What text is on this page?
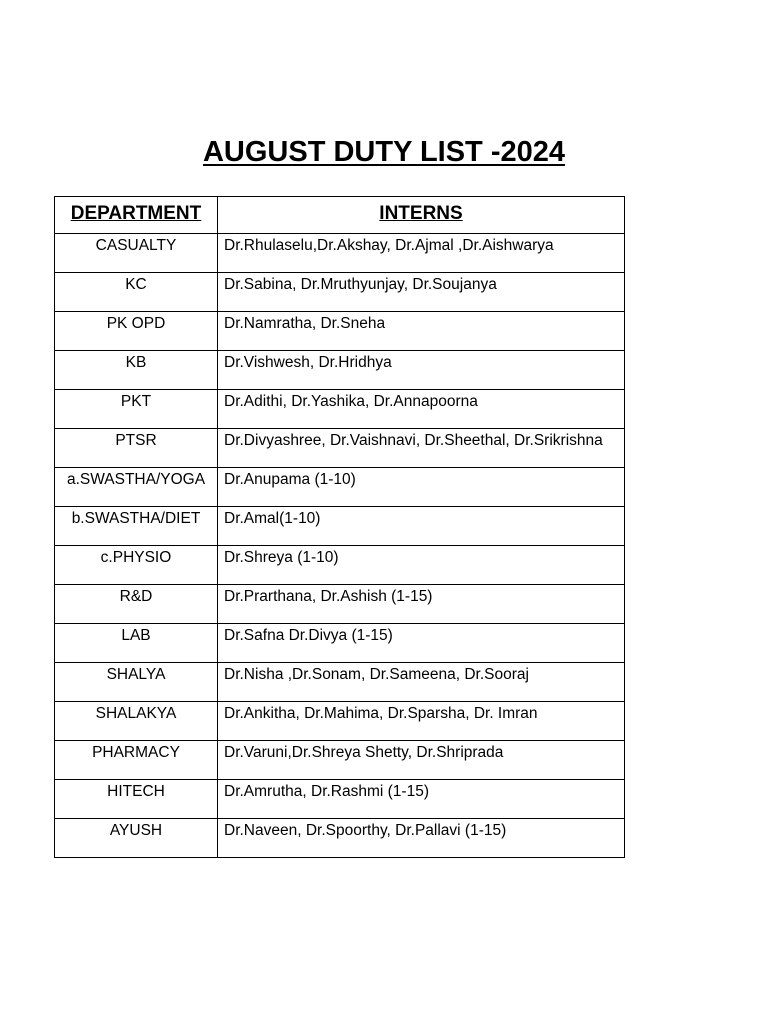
AUGUST DUTY LIST -2024
DEPARTMENT	INTERNS
CASUALTY	Dr.Rhulaselu,Dr.Akshay, Dr.Ajmal ,Dr.Aishwarya
KC	Dr.Sabina, Dr.Mruthyunjay, Dr.Soujanya
PK OPD	Dr.Namratha, Dr.Sneha
KB	Dr.Vishwesh, Dr.Hridhya
PKT	Dr.Adithi, Dr.Yashika, Dr.Annapoorna
PTSR	Dr.Divyashree, Dr.Vaishnavi, Dr.Sheethal, Dr.Srikrishna
a.SWASTHA/YOGA	Dr.Anupama (1-10)
b.SWASTHA/DIET	Dr.Amal(1-10)
c.PHYSIO	Dr.Shreya (1-10)
R&D	Dr.Prarthana, Dr.Ashish (1-15)
LAB	Dr.Safna Dr.Divya (1-15)
SHALYA	Dr.Nisha ,Dr.Sonam, Dr.Sameena, Dr.Sooraj
SHALAKYA	Dr.Ankitha, Dr.Mahima, Dr.Sparsha, Dr. Imran
PHARMACY	Dr.Varuni,Dr.Shreya Shetty, Dr.Shriprada
HITECH	Dr.Amrutha, Dr.Rashmi (1-15)
AYUSH	Dr.Naveen, Dr.Spoorthy, Dr.Pallavi (1-15)
